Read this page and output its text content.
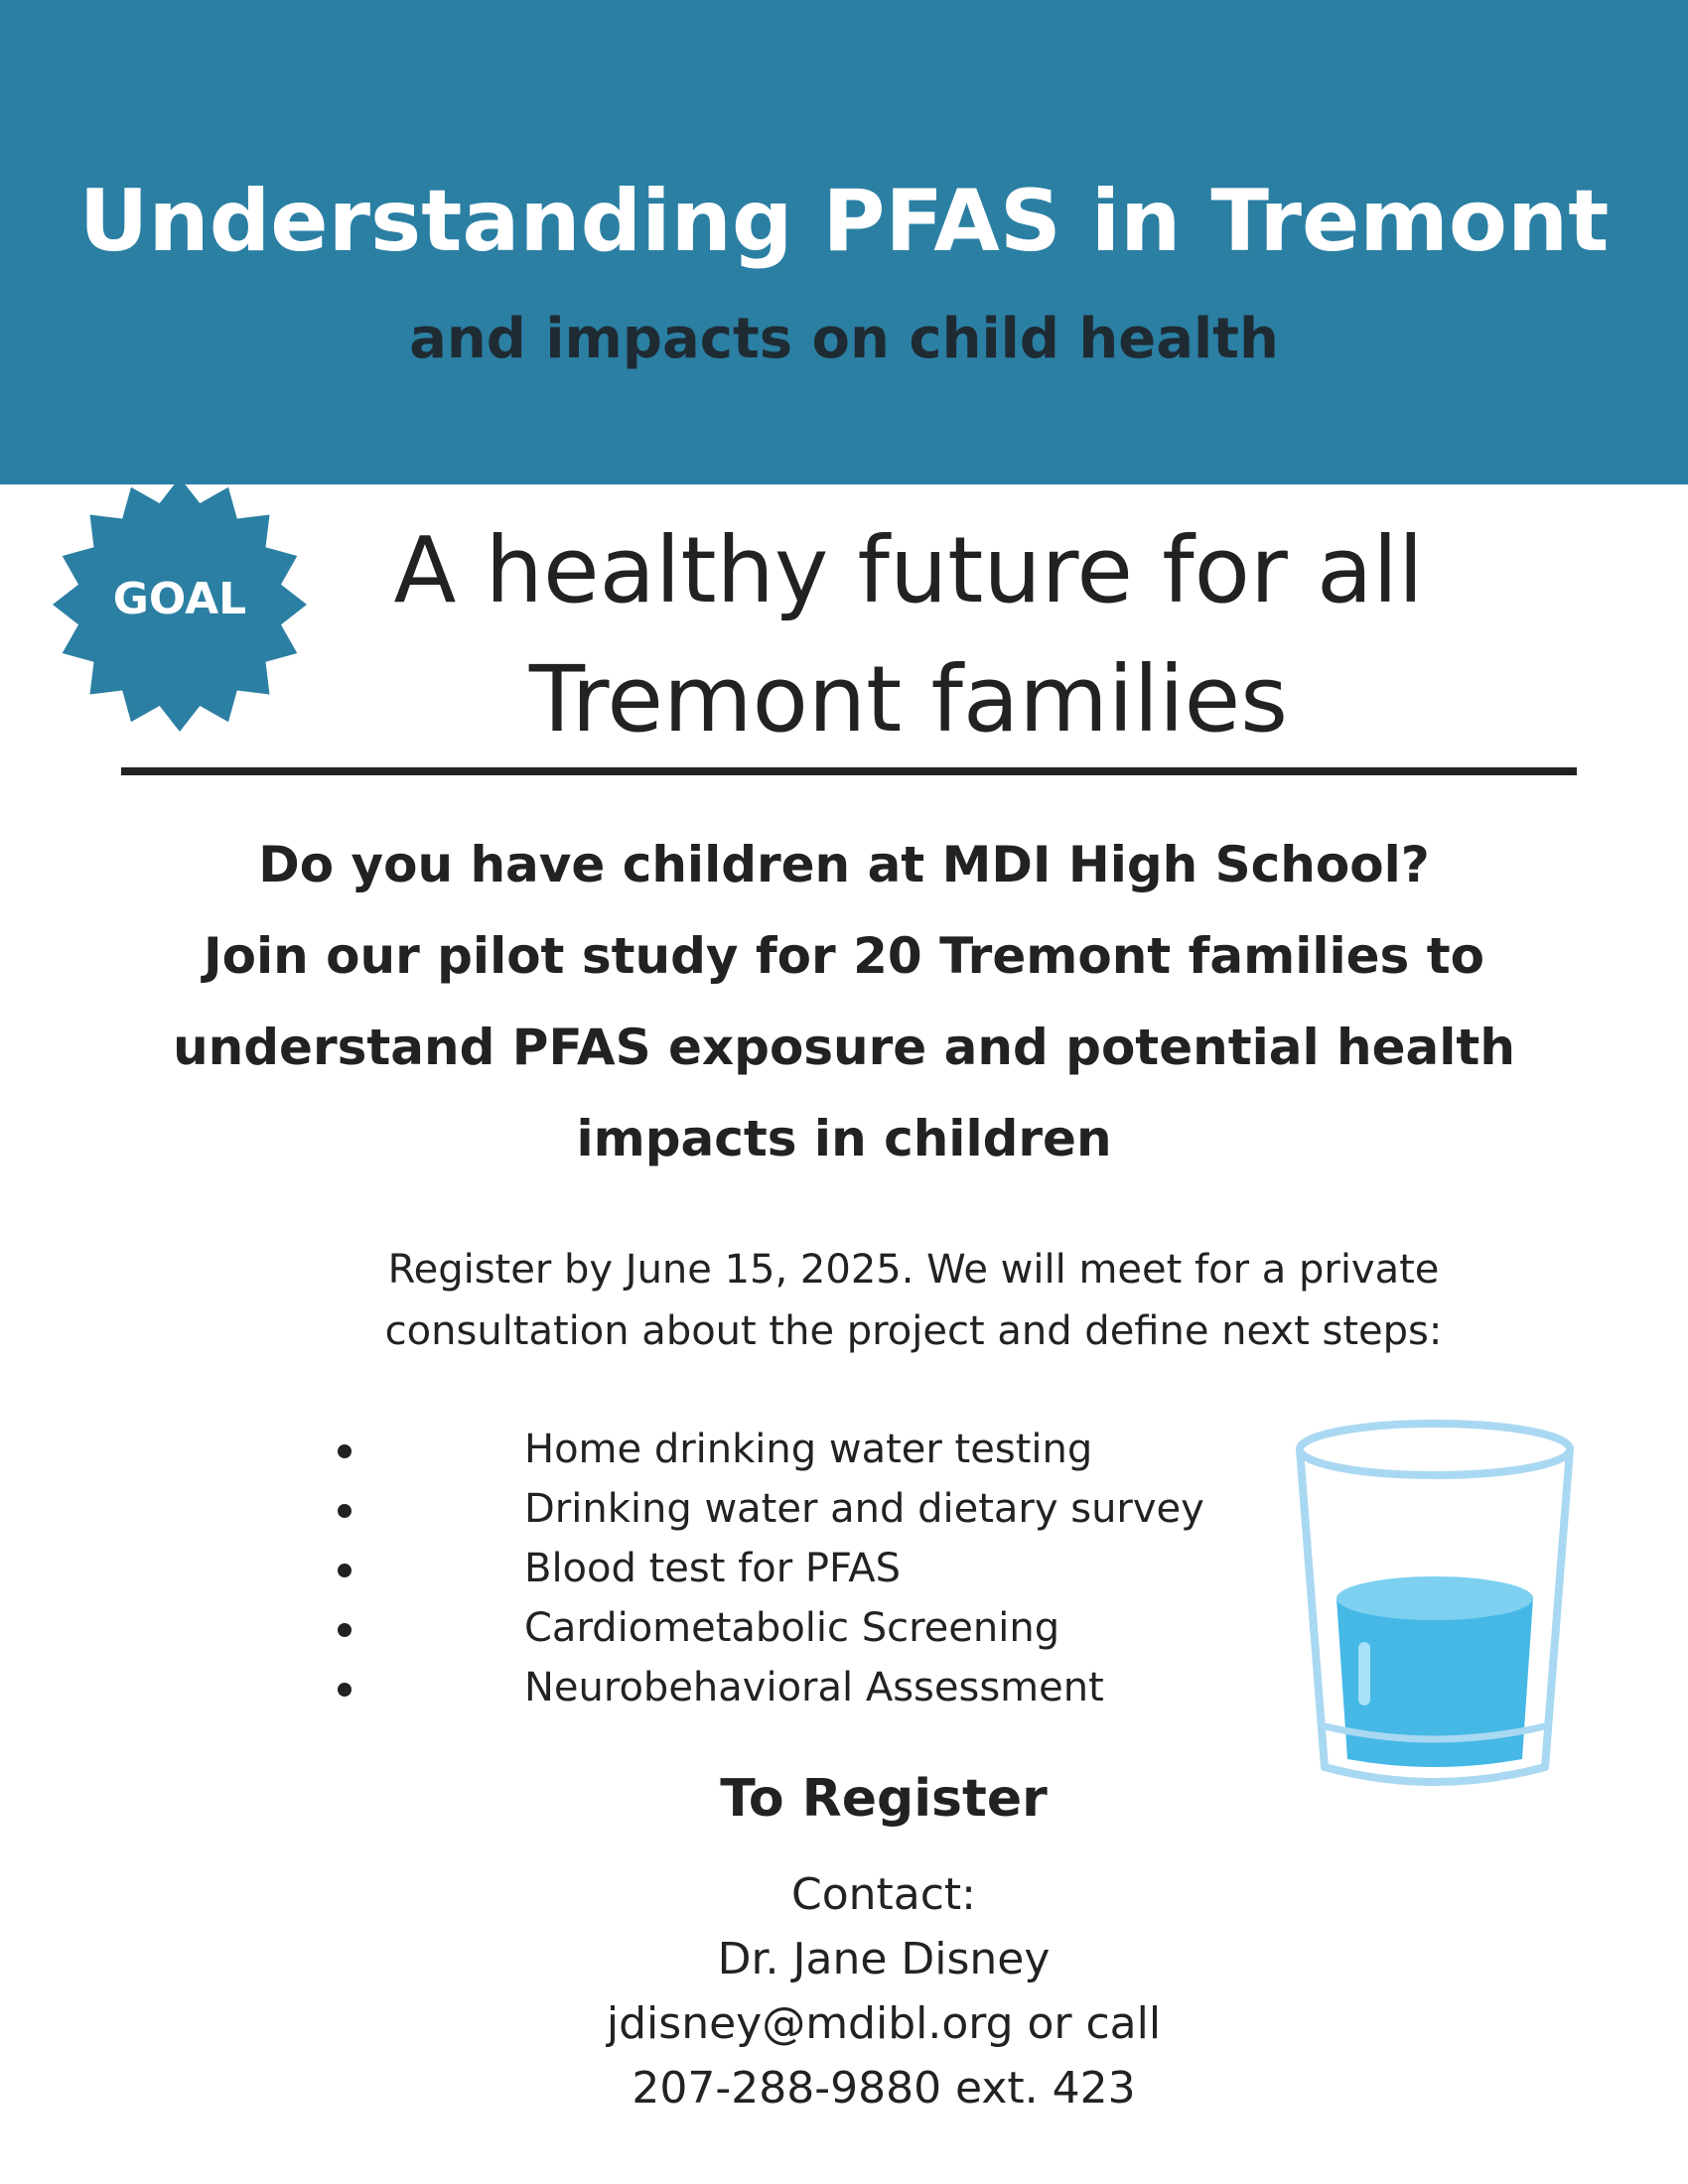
Understanding PFAS in Tremont
and impacts on child health
GOAL	A healthy future for all
Tremont families
Do you have children at MDI High School?
Join our pilot study for 20 Tremont families to
understand PFAS exposure and potential health
impacts in children
Register by June 15, 2025. We will meet for a private
consultation about the project and define next steps:
Home drinking water testing
Drinking water and dietary survey
Blood test for PFAS
Cardiometabolic Screening
Neurobehavioral Assessment
To Register
Contact:
Dr. Jane Disney
jdisney@mdibl.org or call
207-288-9880 ext. 423
